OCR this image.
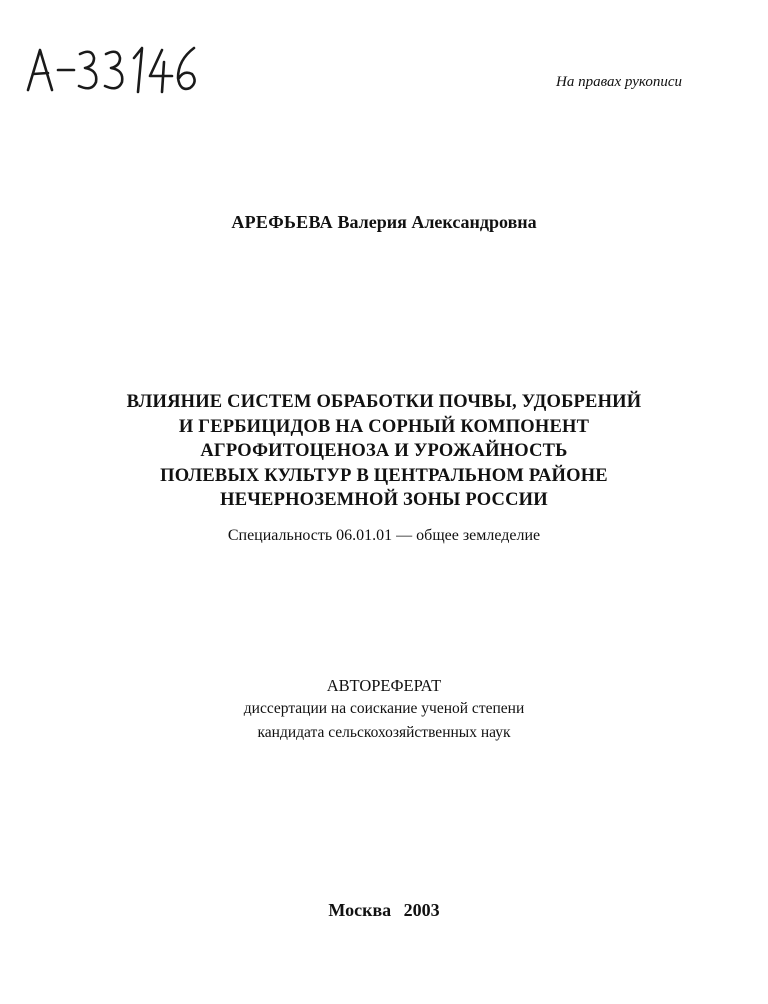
На правах рукописи
АРЕФЬЕВА Валерия Александровна
ВЛИЯНИЕ СИСТЕМ ОБРАБОТКИ ПОЧВЫ, УДОБРЕНИЙ
И ГЕРБИЦИДОВ НА СОРНЫЙ КОМПОНЕНТ
АГРОФИТОЦЕНОЗА И УРОЖАЙНОСТЬ
ПОЛЕВЫХ КУЛЬТУР В ЦЕНТРАЛЬНОМ РАЙОНЕ
НЕЧЕРНОЗЕМНОЙ ЗОНЫ РОССИИ
Специальность 06.01.01 — общее земледелие
АВТОРЕФЕРАТ
диссертации на соискание ученой степени
кандидата сельскохозяйственных наук
Москва 2003
